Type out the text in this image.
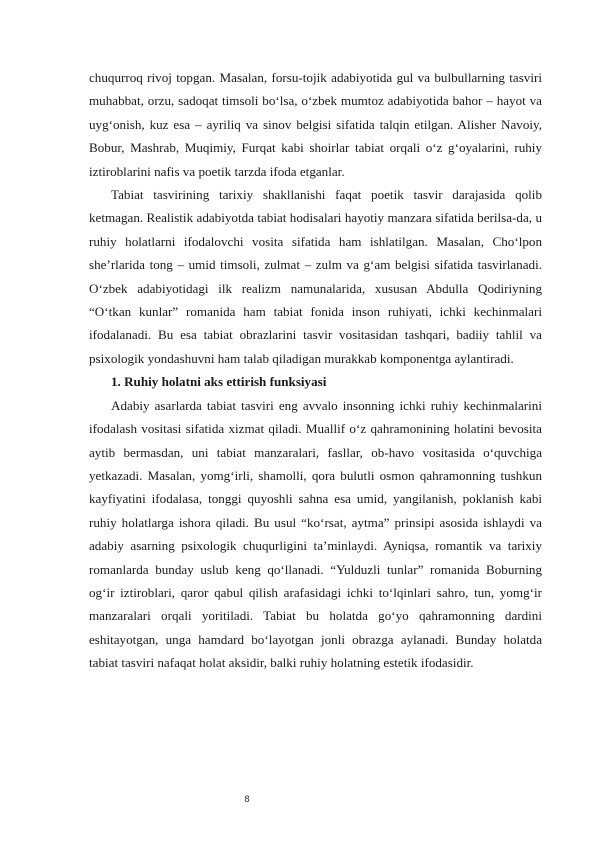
chuqurroq rivoj topgan. Masalan, forsu-tojik adabiyotida gul va bulbullarning tasviri muhabbat, orzu, sadoqat timsoli bo‘lsa, o‘zbek mumtoz adabiyotida bahor – hayot va uyg‘onish, kuz esa – ayriliq va sinov belgisi sifatida talqin etilgan. Alisher Navoiy, Bobur, Mashrab, Muqimiy, Furqat kabi shoirlar tabiat orqali o‘z g‘oyalarini, ruhiy iztiroblarini nafis va poetik tarzda ifoda etganlar.

Tabiat tasvirining tarixiy shakllanishi faqat poetik tasvir darajasida qolib ketmagan. Realistik adabiyotda tabiat hodisalari hayotiy manzara sifatida berilsa-da, u ruhiy holatlarni ifodalovchi vosita sifatida ham ishlatilgan. Masalan, Cho‘lpon she’rlarida tong – umid timsoli, zulmat – zulm va g‘am belgisi sifatida tasvirlanadi. O‘zbek adabiyotidagi ilk realizm namunalarida, xususan Abdulla Qodiriyning “O‘tkan kunlar” romanida ham tabiat fonida inson ruhiyati, ichki kechinmalari ifodalanadi. Bu esa tabiat obrazlarini tasvir vositasidan tashqari, badiiy tahlil va psixologik yondashuvni ham talab qiladigan murakkab komponentga aylantiradi.

1. Ruhiy holatni aks ettirish funksiyasi

Adabiy asarlarda tabiat tasviri eng avvalo insonning ichki ruhiy kechinmalarini ifodalash vositasi sifatida xizmat qiladi. Muallif o‘z qahramonining holatini bevosita aytib bermasdan, uni tabiat manzaralari, fasllar, ob-havo vositasida o‘quvchiga yetkazadi. Masalan, yomg‘irli, shamolli, qora bulutli osmon qahramonning tushkun kayfiyatini ifodalasa, tonggi quyoshli sahna esa umid, yangilanish, poklanish kabi ruhiy holatlarga ishora qiladi. Bu usul “ko‘rsat, aytma” prinsipi asosida ishlaydi va adabiy asarning psixologik chuqurligini ta’minlaydi. Ayniqsa, romantik va tarixiy romanlarda bunday uslub keng qo‘llanadi. “Yulduzli tunlar” romanida Boburning og‘ir iztiroblari, qaror qabul qilish arafasidagi ichki to‘lqinlari sahro, tun, yomg‘ir manzaralari orqali yoritiladi. Tabiat bu holatda go‘yo qahramonning dardini eshitayotgan, unga hamdard bo‘layotgan jonli obrazga aylanadi. Bunday holatda tabiat tasviri nafaqat holat aksidir, balki ruhiy holatning estetik ifodasidir.

8
